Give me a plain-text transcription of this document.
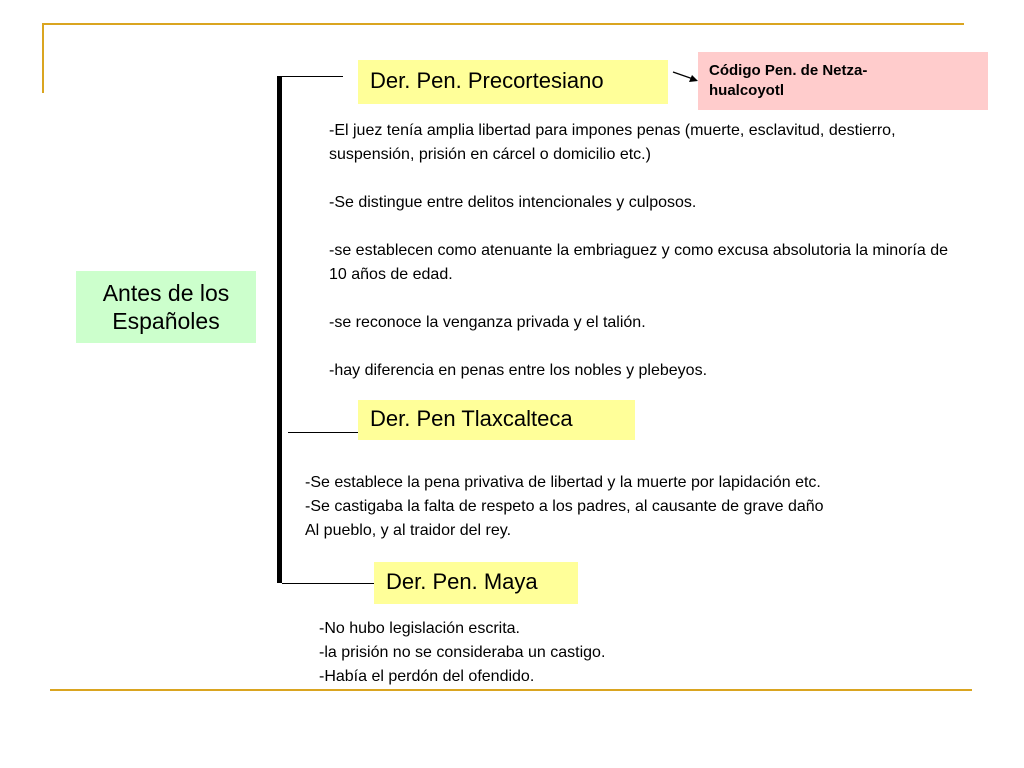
Antes de los
Españoles
Der. Pen. Precortesiano	Código Pen. de Netza-
hualcoyotl

-El juez tenía amplia libertad para impones penas (muerte, esclavitud, destierro, suspensión, prisión en cárcel o domicilio etc.)

-Se distingue entre delitos intencionales y culposos.

-se establecen como atenuante la embriaguez y como excusa absolutoria la minoría de 10 años de edad.

-se reconoce la venganza privada y el talión.

-hay diferencia en penas entre los nobles y plebeyos.

Der. Pen Tlaxcalteca
-Se establece la pena privativa de libertad y la muerte por lapidación etc.
-Se castigaba la falta de respeto a los padres, al causante de grave daño
Al pueblo, y al traidor del rey.
Der. Pen. Maya
-No hubo legislación escrita.
-la prisión no se consideraba un castigo.
-Había el perdón del ofendido.
